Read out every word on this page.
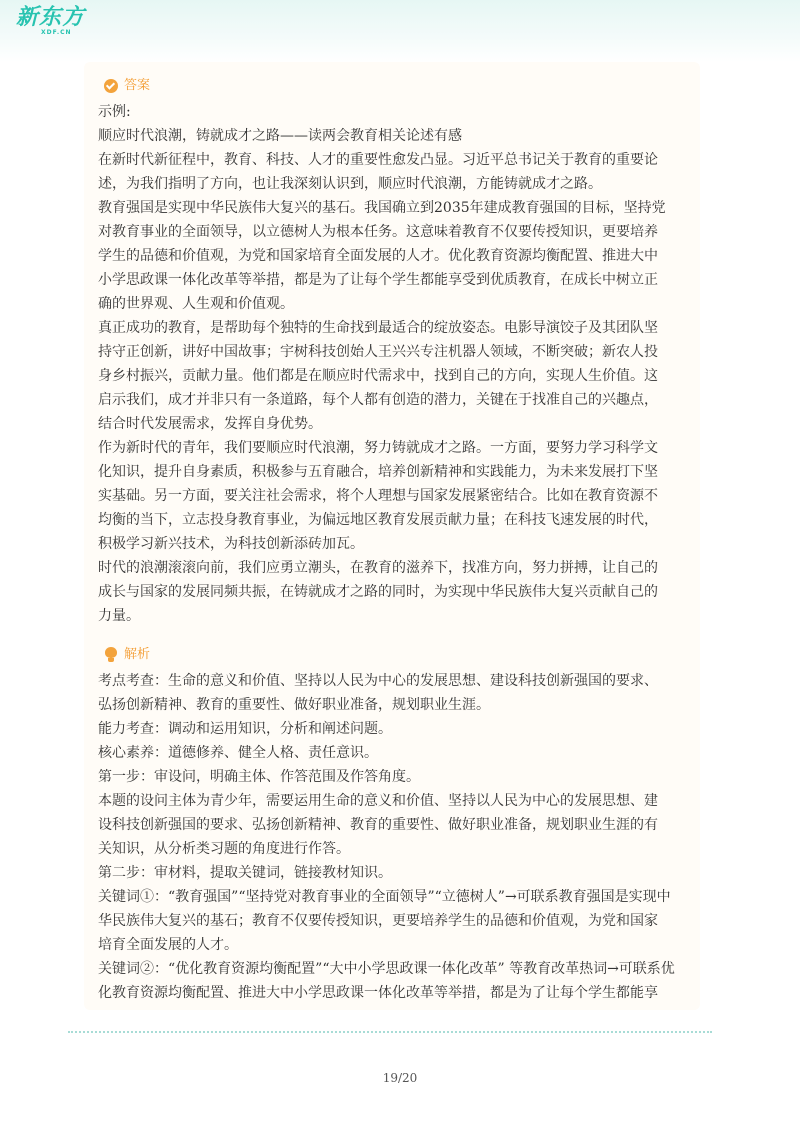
新东方
XDF.CN
答案
示例:
顺应时代浪潮，铸就成才之路——读两会教育相关论述有感
在新时代新征程中，教育、科技、人才的重要性愈发凸显。习近平总书记关于教育的重要论
述，为我们指明了方向，也让我深刻认识到，顺应时代浪潮，方能铸就成才之路。
教育强国是实现中华民族伟大复兴的基石。我国确立到2035年建成教育强国的目标，坚持党
对教育事业的全面领导，以立德树人为根本任务。这意味着教育不仅要传授知识，更要培养
学生的品德和价值观，为党和国家培育全面发展的人才。优化教育资源均衡配置、推进大中
小学思政课一体化改革等举措，都是为了让每个学生都能享受到优质教育，在成长中树立正
确的世界观、人生观和价值观。
真正成功的教育，是帮助每个独特的生命找到最适合的绽放姿态。电影导演饺子及其团队坚
持守正创新，讲好中国故事；宇树科技创始人王兴兴专注机器人领域，不断突破；新农人投
身乡村振兴，贡献力量。他们都是在顺应时代需求中，找到自己的方向，实现人生价值。这
启示我们，成才并非只有一条道路，每个人都有创造的潜力，关键在于找准自己的兴趣点，
结合时代发展需求，发挥自身优势。
作为新时代的青年，我们要顺应时代浪潮，努力铸就成才之路。一方面，要努力学习科学文
化知识，提升自身素质，积极参与五育融合，培养创新精神和实践能力，为未来发展打下坚
实基础。另一方面，要关注社会需求，将个人理想与国家发展紧密结合。比如在教育资源不
均衡的当下，立志投身教育事业，为偏远地区教育发展贡献力量；在科技飞速发展的时代，
积极学习新兴技术，为科技创新添砖加瓦。
时代的浪潮滚滚向前，我们应勇立潮头，在教育的滋养下，找准方向，努力拼搏，让自己的
成长与国家的发展同频共振，在铸就成才之路的同时，为实现中华民族伟大复兴贡献自己的
力量。
解析
考点考查：生命的意义和价值、坚持以人民为中心的发展思想、建设科技创新强国的要求、
弘扬创新精神、教育的重要性、做好职业准备，规划职业生涯。
能力考查：调动和运用知识，分析和阐述问题。
核心素养：道德修养、健全人格、责任意识。
第一步：审设问，明确主体、作答范围及作答角度。
本题的设问主体为青少年，需要运用生命的意义和价值、坚持以人民为中心的发展思想、建
设科技创新强国的要求、弘扬创新精神、教育的重要性、做好职业准备，规划职业生涯的有
关知识，从分析类习题的角度进行作答。
第二步：审材料，提取关键词，链接教材知识。
关键词①：“教育强国”“坚持党对教育事业的全面领导”“立德树人”→可联系教育强国是实现中
华民族伟大复兴的基石；教育不仅要传授知识，更要培养学生的品德和价值观，为党和国家
培育全面发展的人才。
关键词②：“优化教育资源均衡配置”“大中小学思政课一体化改革” 等教育改革热词→可联系优
化教育资源均衡配置、推进大中小学思政课一体化改革等举措，都是为了让每个学生都能享
19/20
